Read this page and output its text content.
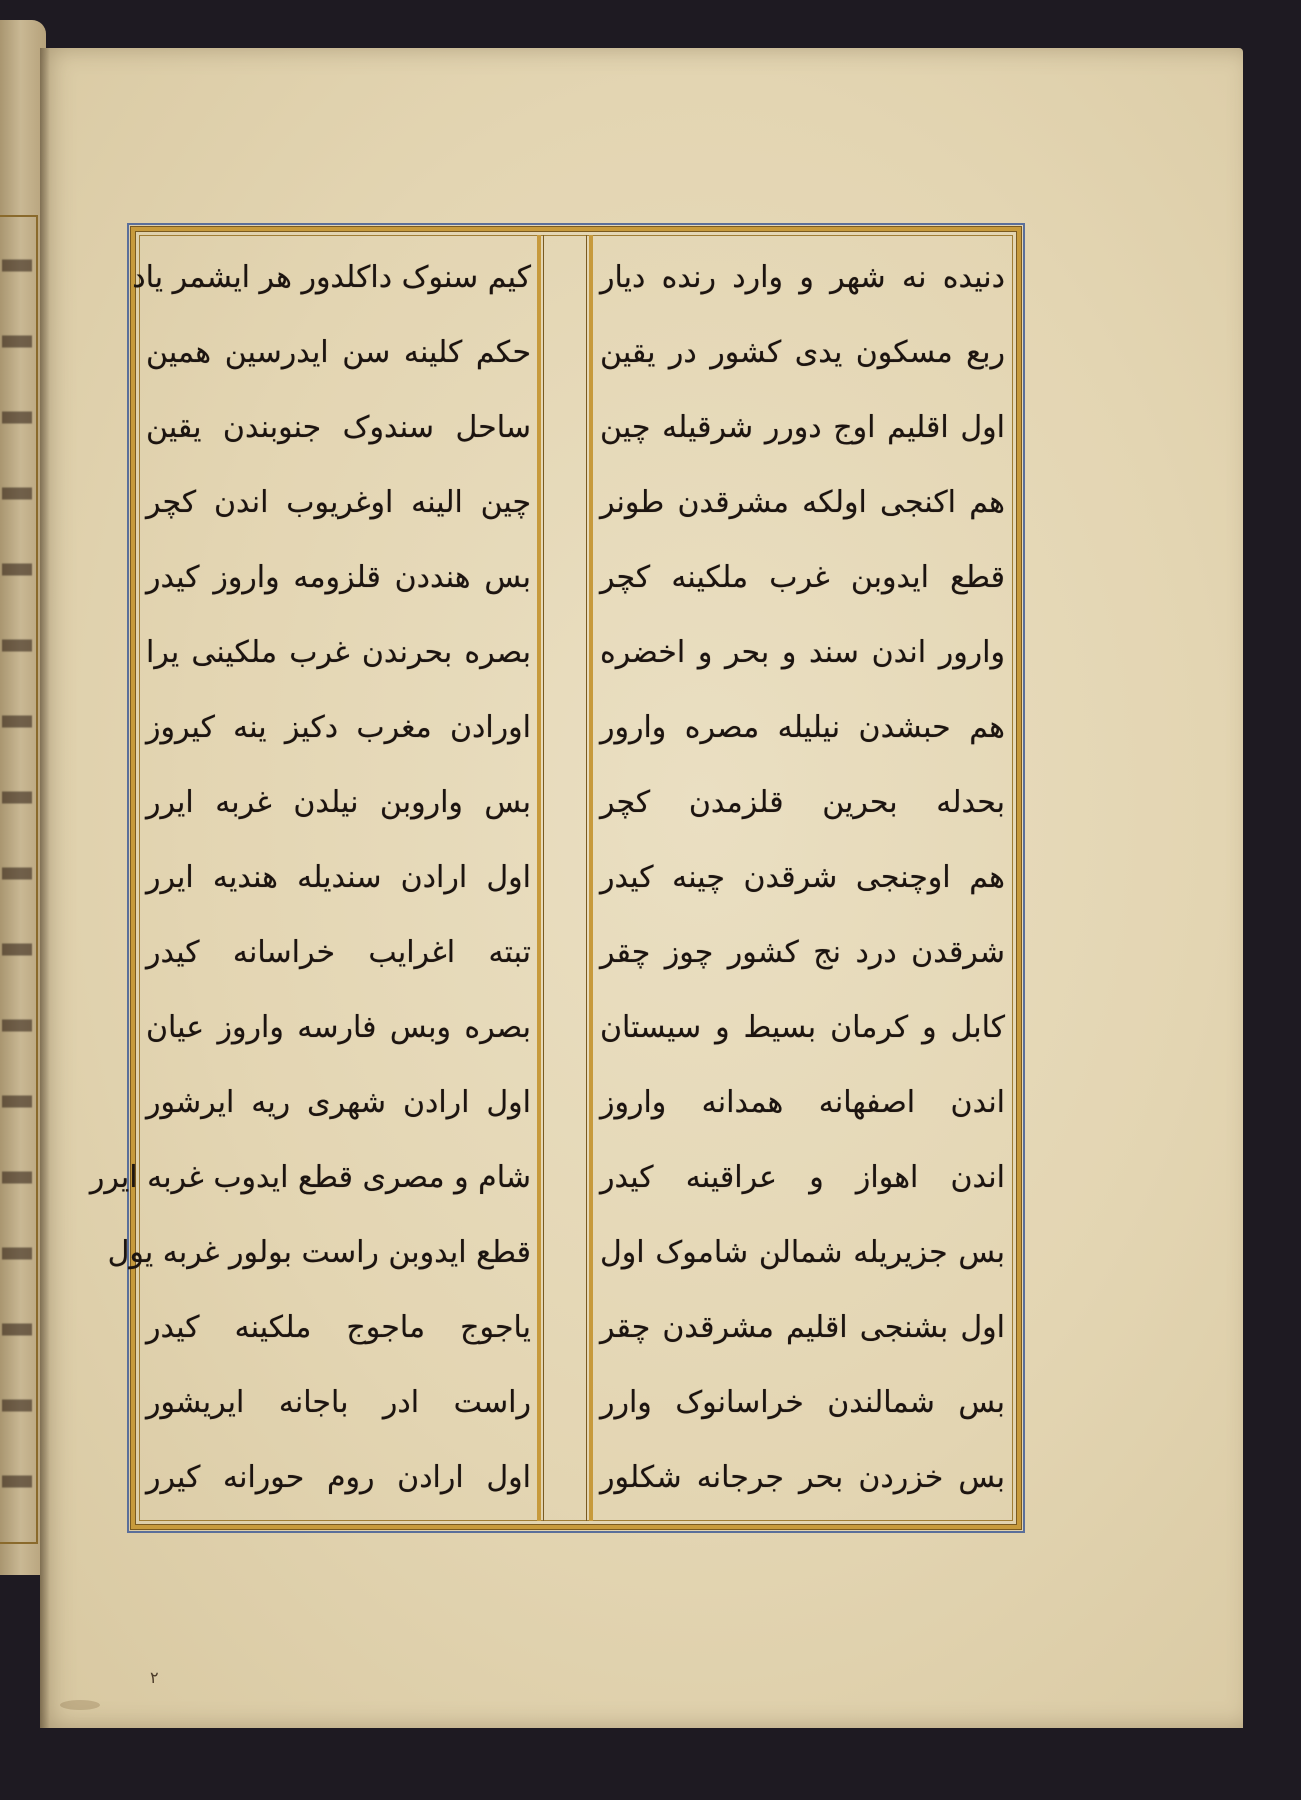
دنیده نه شهر و وارد رنده دیار
ربع مسکون یدی کشور در یقین
اول اقلیم اوج دورر شرقیله چین
هم اکنجی اولکه مشرقدن طونر
قطع ایدوبن غرب ملکینه کچر
وارور اندن سند و بحر و اخضره
هم حبشدن نیلیله مصره وارور
بحدله بحرین قلزمدن کچر
هم اوچنجی شرقدن چینه کیدر
شرقدن درد نج کشور چوز چقر
کابل و کرمان بسیط و سیستان
اندن اصفهانه همدانه واروز
اندن اهواز و عراقینه کیدر
بس جزیریله شمالن شاموک اول
اول بشنجی اقلیم مشرقدن چقر
بس شمالندن خراسانوک وارر
بس خزردن بحر جرجانه شکلور
کیم سنوک داکلدور هر ایشمر یاد
حکم کلینه سن ایدرسین همین
ساحل سندوک جنوبندن یقین
چین الینه اوغریوب اندن کچر
بس هنددن قلزومه واروز کیدر
بصره بحرندن غرب ملکینی یرا
اورادن مغرب دکیز ینه کیروز
بس واروبن نیلدن غربه ایرر
اول ارادن سندیله هندیه ایرر
تبته اغرایب خراسانه کیدر
بصره وبس فارسه واروز عیان
اول ارادن شهری ریه ایرشور
شام و مصری قطع ایدوب غربه ایرر
قطع ایدوبن راست بولور غربه یول
یاجوج ماجوج ملکینه کیدر
راست ادر باجانه ایریشور
اول ارادن روم حورانه کیرر
۲
